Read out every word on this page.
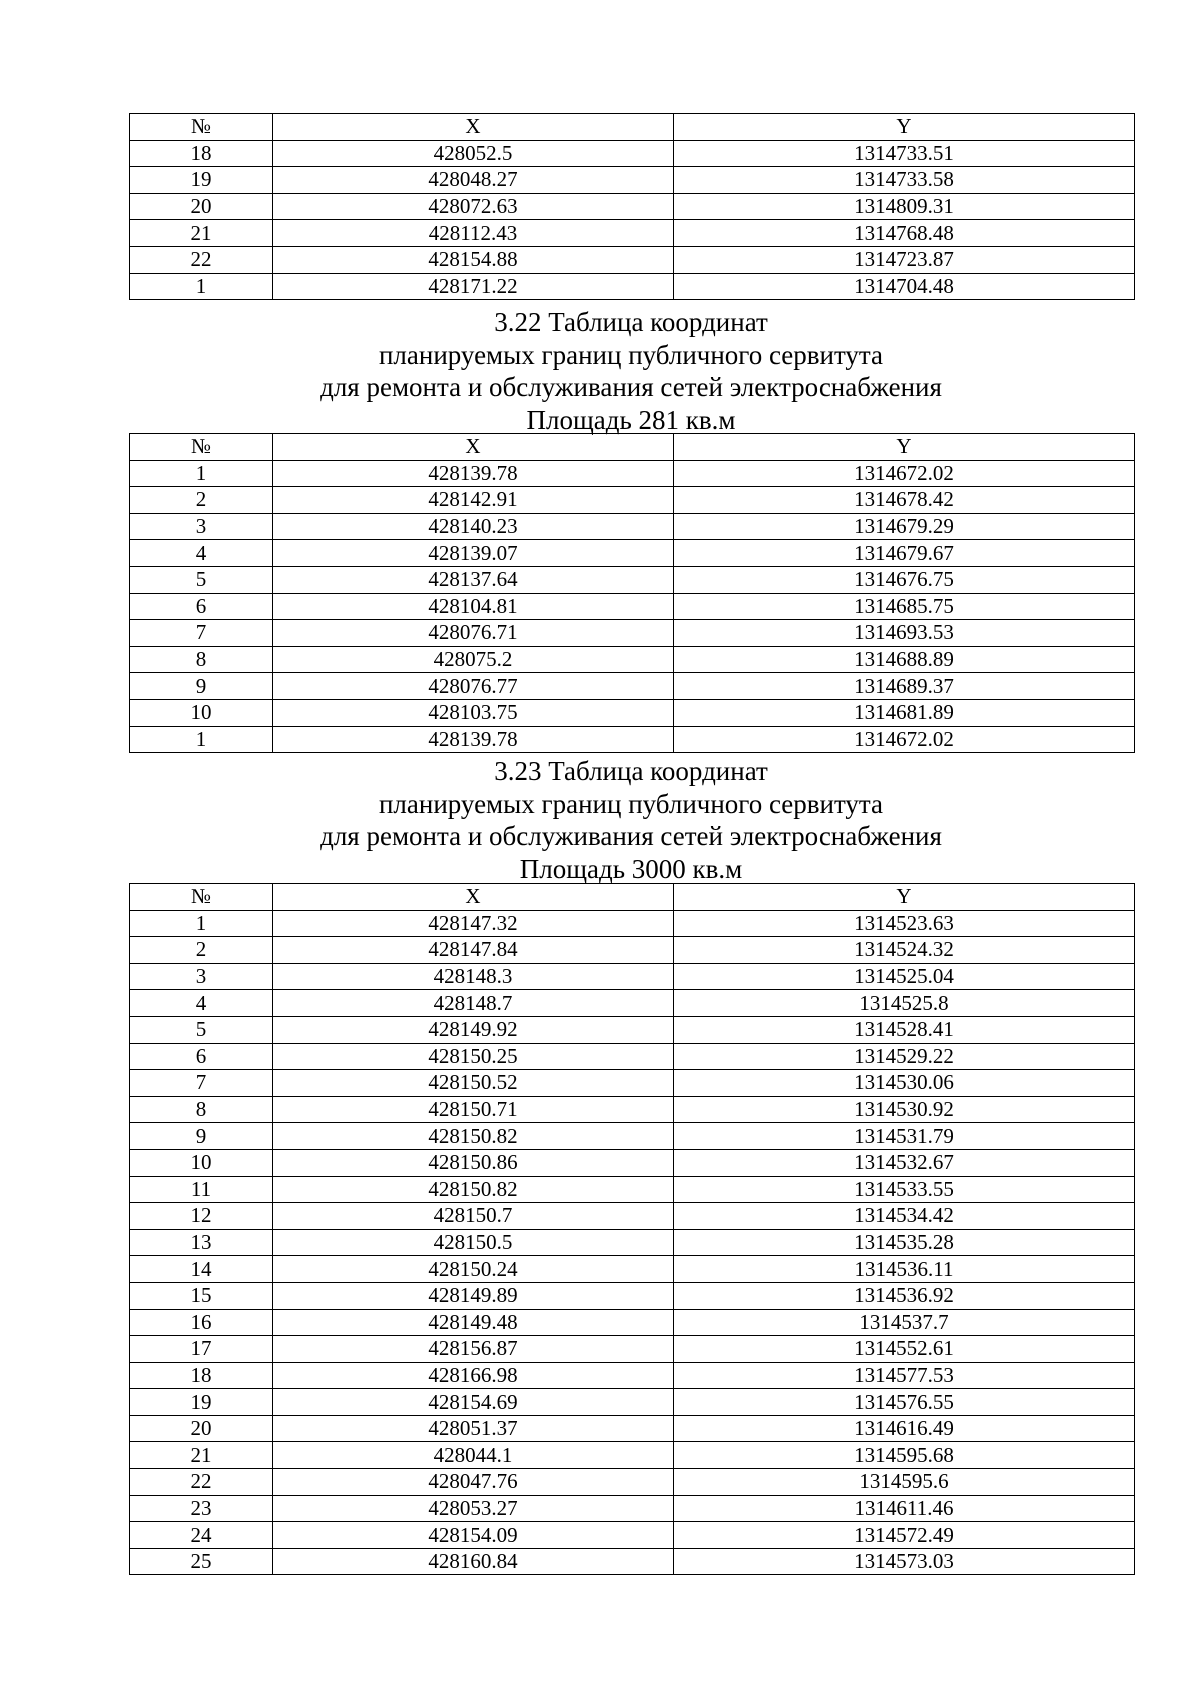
№	X	Y
18	428052.5	1314733.51
19	428048.27	1314733.58
20	428072.63	1314809.31
21	428112.43	1314768.48
22	428154.88	1314723.87
1	428171.22	1314704.48
3.22 Таблица координат
планируемых границ публичного сервитута
для ремонта и обслуживания сетей электроснабжения
Площадь 281 кв.м
№	X	Y
1	428139.78	1314672.02
2	428142.91	1314678.42
3	428140.23	1314679.29
4	428139.07	1314679.67
5	428137.64	1314676.75
6	428104.81	1314685.75
7	428076.71	1314693.53
8	428075.2	1314688.89
9	428076.77	1314689.37
10	428103.75	1314681.89
1	428139.78	1314672.02
3.23 Таблица координат
планируемых границ публичного сервитута
для ремонта и обслуживания сетей электроснабжения
Площадь 3000 кв.м
№	X	Y
1	428147.32	1314523.63
2	428147.84	1314524.32
3	428148.3	1314525.04
4	428148.7	1314525.8
5	428149.92	1314528.41
6	428150.25	1314529.22
7	428150.52	1314530.06
8	428150.71	1314530.92
9	428150.82	1314531.79
10	428150.86	1314532.67
11	428150.82	1314533.55
12	428150.7	1314534.42
13	428150.5	1314535.28
14	428150.24	1314536.11
15	428149.89	1314536.92
16	428149.48	1314537.7
17	428156.87	1314552.61
18	428166.98	1314577.53
19	428154.69	1314576.55
20	428051.37	1314616.49
21	428044.1	1314595.68
22	428047.76	1314595.6
23	428053.27	1314611.46
24	428154.09	1314572.49
25	428160.84	1314573.03
